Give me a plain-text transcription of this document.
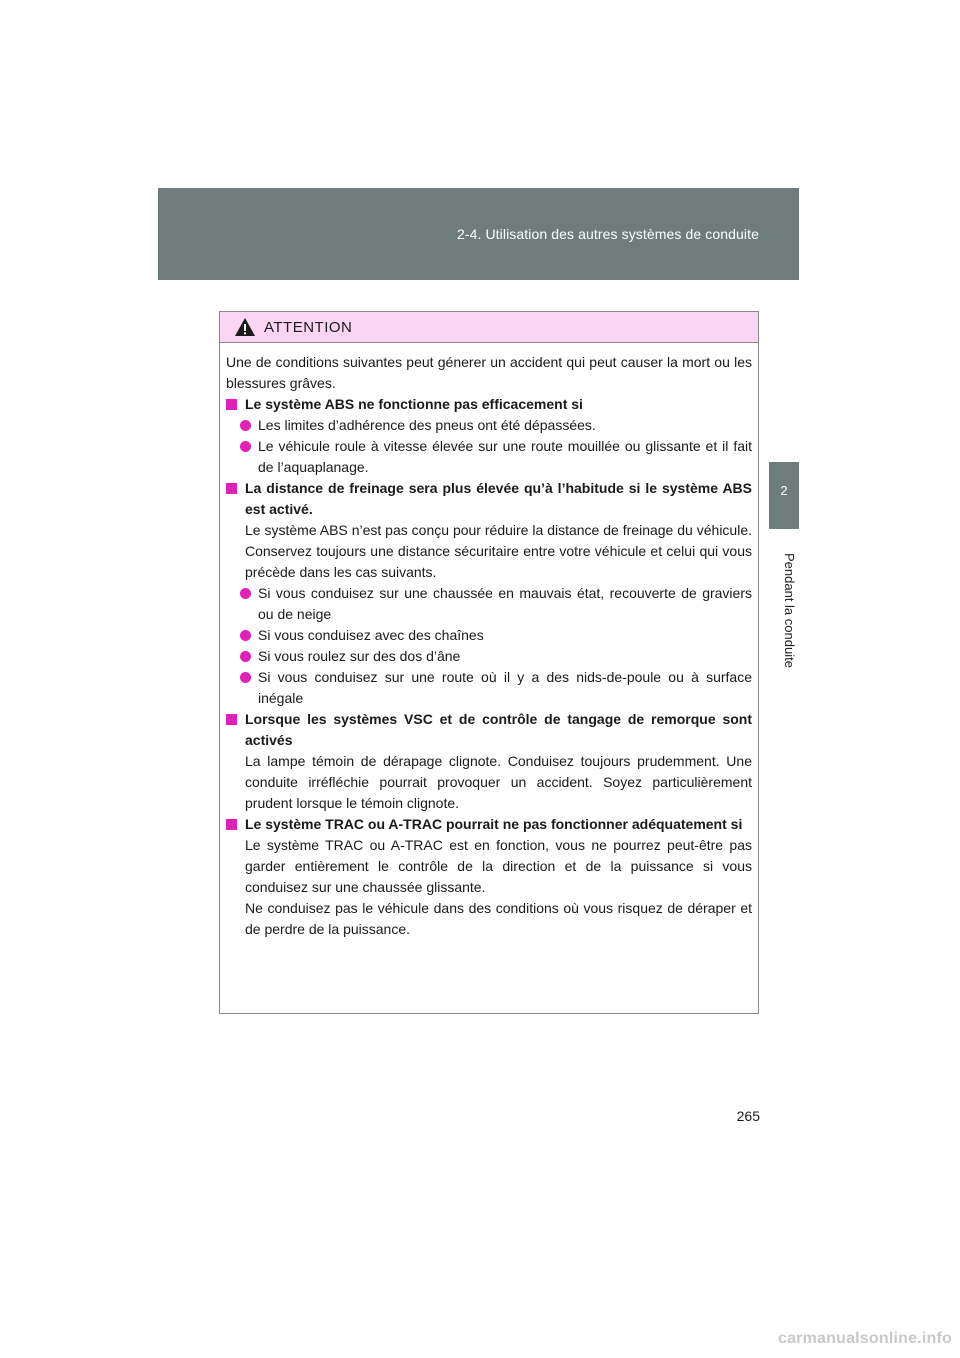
2-4. Utilisation des autres systèmes de conduite
2
Pendant la conduite
ATTENTION

Une de conditions suivantes peut génerer un accident qui peut causer la mort ou les blessures grâves.

Le système ABS ne fonctionne pas efficacement si

Les limites d’adhérence des pneus ont été dépassées.

Le véhicule roule à vitesse élevée sur une route mouillée ou glissante et il fait de l’aquaplanage.

La distance de freinage sera plus élevée qu’à l’habitude si le système ABS est activé.

Le système ABS n’est pas conçu pour réduire la distance de freinage du véhicule. Conservez toujours une distance sécuritaire entre votre véhicule et celui qui vous précède dans les cas suivants.

Si vous conduisez sur une chaussée en mauvais état, recouverte de graviers ou de neige

Si vous conduisez avec des chaînes

Si vous roulez sur des dos d’âne

Si vous conduisez sur une route où il y a des nids-de-poule ou à surface inégale

Lorsque les systèmes VSC et de contrôle de tangage de remorque sont activés

La lampe témoin de dérapage clignote. Conduisez toujours prudemment. Une conduite irréfléchie pourrait provoquer un accident. Soyez particulièrement prudent lorsque le témoin clignote.

Le système TRAC ou A-TRAC pourrait ne pas fonctionner adéquatement si

Le système TRAC ou A-TRAC est en fonction, vous ne pourrez peut-être pas garder entièrement le contrôle de la direction et de la puissance si vous conduisez sur une chaussée glissante.

Ne conduisez pas le véhicule dans des conditions où vous risquez de déraper et de perdre de la puissance.

265
carmanualsonline.info
